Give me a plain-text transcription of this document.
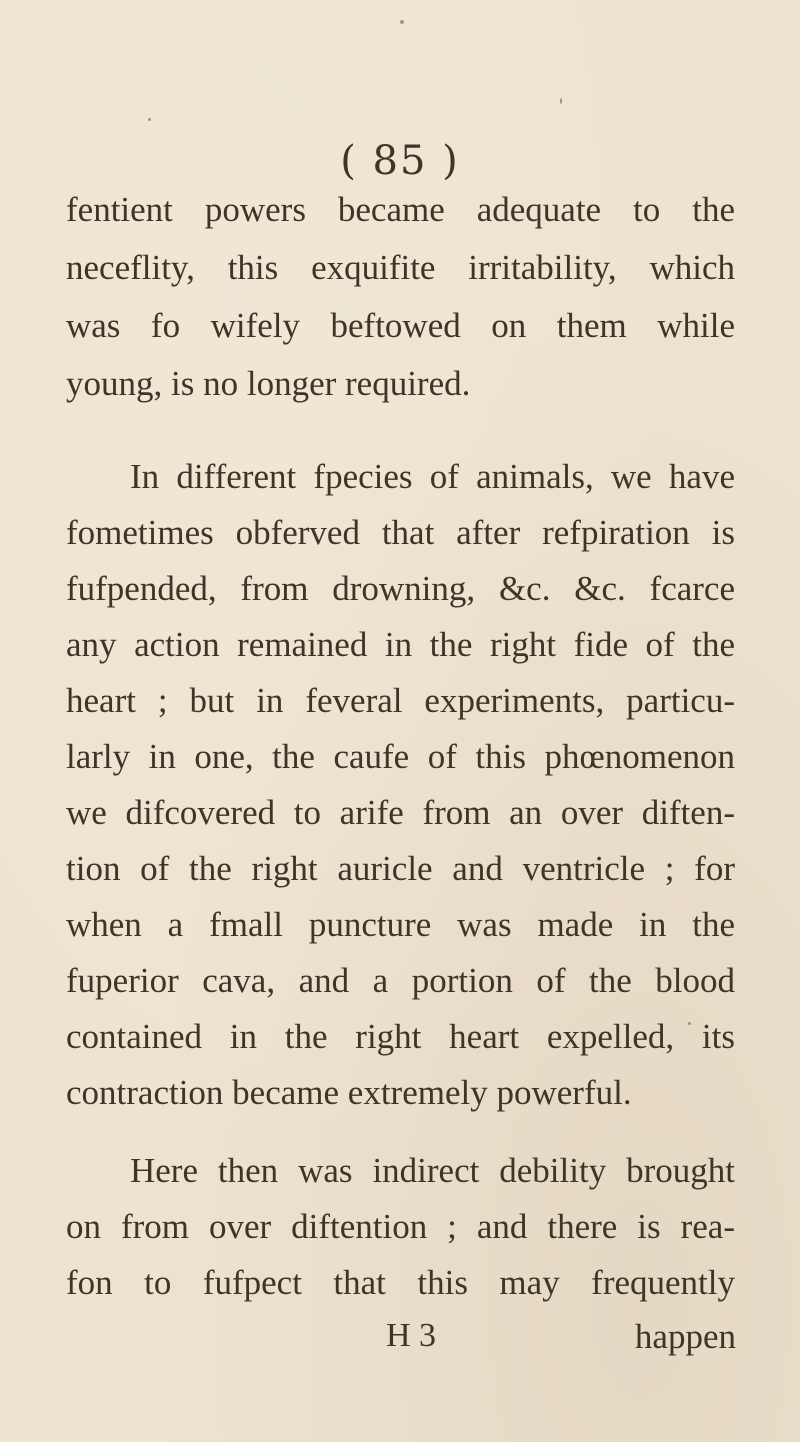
( 85 )

fentient powers became adequate to the

neceflity, this exquifite irritability, which

was fo wifely beftowed on them while

young, is no longer required.

In different fpecies of animals, we have

fometimes obferved that after refpiration is

fufpended, from drowning, &c. &c. fcarce

any action remained in the right fide of the

heart ; but in feveral experiments, particu-

larly in one, the caufe of this phœnomenon

we difcovered to arife from an over diften-

tion of the right auricle and ventricle ; for

when a fmall puncture was made in the

fuperior cava, and a portion of the blood

contained in the right heart expelled, its

contraction became extremely powerful.

Here then was indirect debility brought

on from over diftention ; and there is rea-

fon to fufpect that this may frequently

H 3	happen
